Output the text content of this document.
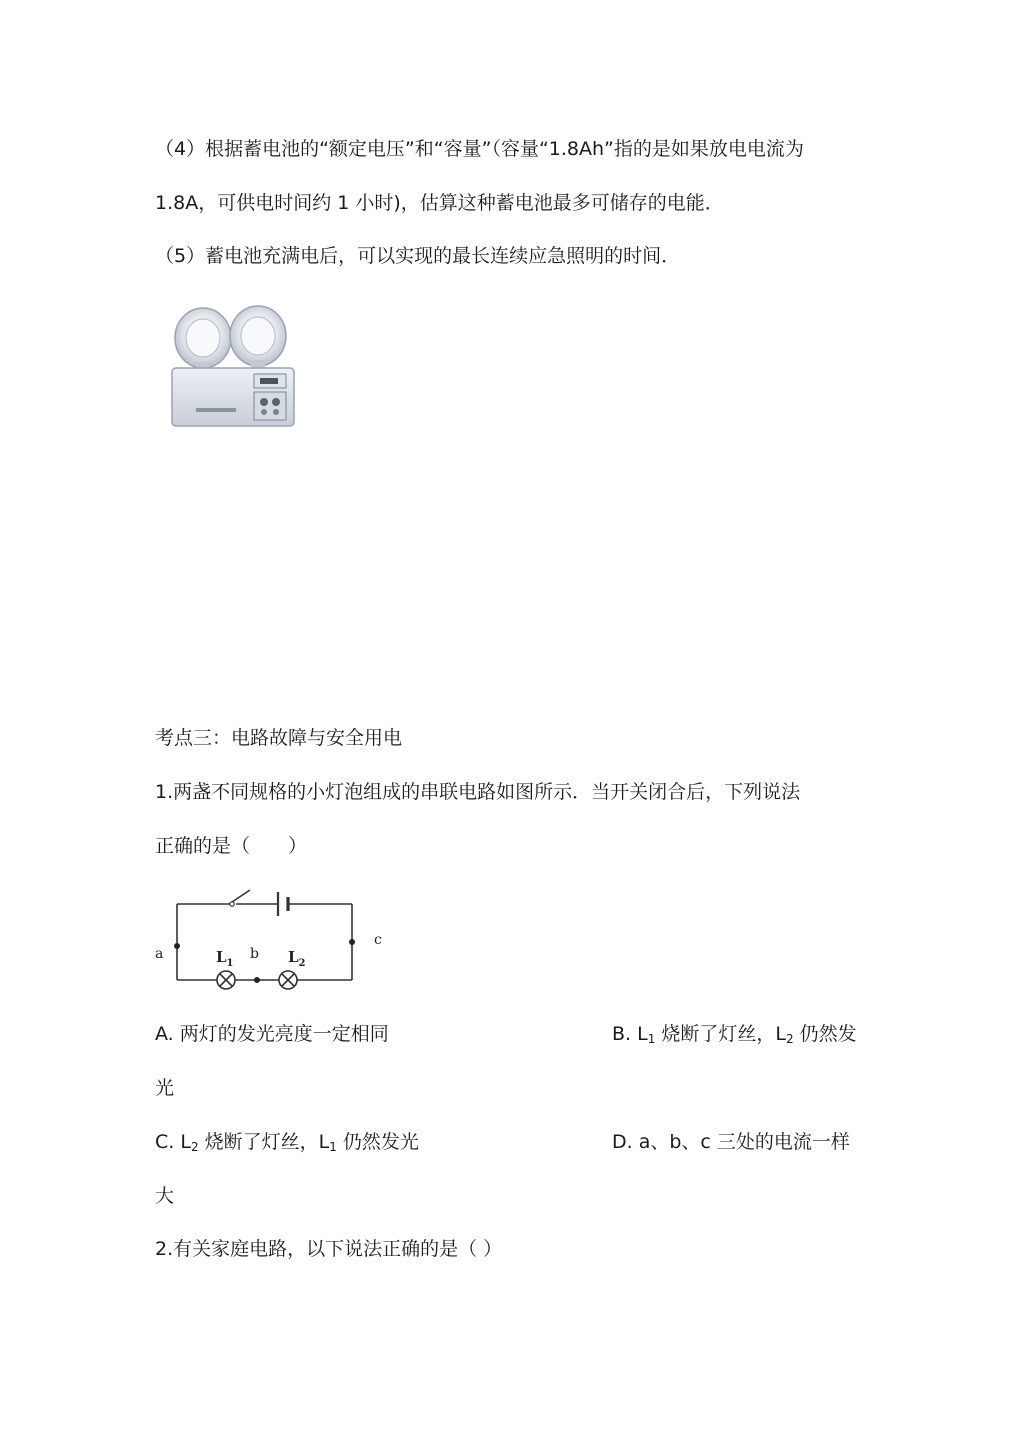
（4）根据蓄电池的“额定电压”和“容量”（容量“1.8Ah”指的是如果放电电流为
1.8A，可供电时间约 1 小时)，估算这种蓄电池最多可储存的电能．
（5）蓄电池充满电后，可以实现的最长连续应急照明的时间．
考点三：电路故障与安全用电
1.两盏不同规格的小灯泡组成的串联电路如图所示．当开关闭合后，下列说法
正确的是（　　）
a	b
c
$L_1$	$L_2$
A. 两灯的发光亮度一定相同	B. $L_1$ 烧断了灯丝，$L_2$ 仍然发
光
C. $L_2$ 烧断了灯丝，$L_1$ 仍然发光	D. a、b、c 三处的电流一样
大
2.有关家庭电路，以下说法正确的是（ ）
